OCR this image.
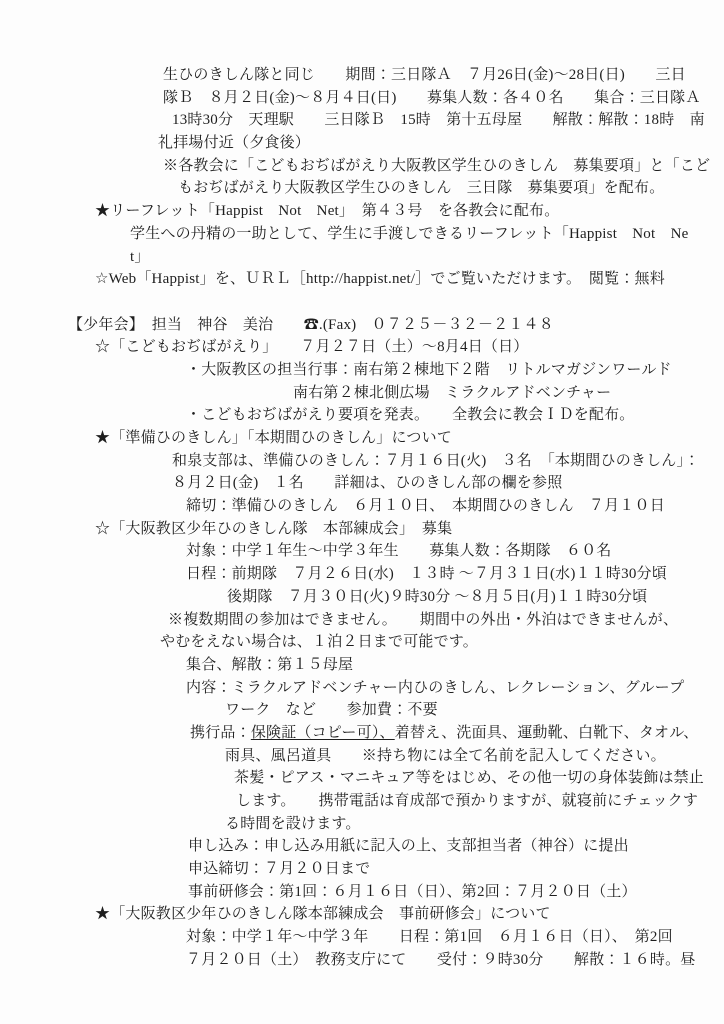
生ひのきしん隊と同じ　　期間：三日隊Ａ　７月26日(金)～28日(日)　　三日
隊Ｂ　８月２日(金)～８月４日(日)　　募集人数：各４０名　　集合：三日隊Ａ
13時30分　天理駅　　三日隊Ｂ　15時　第十五母屋　　解散：解散：18時　南
礼拝場付近（夕食後）
※各教会に「こどもおぢばがえり大阪教区学生ひのきしん　募集要項」と「こど
もおぢばがえり大阪教区学生ひのきしん　三日隊　募集要項」を配布。
★リーフレット「Happist　Not　Net」　第４３号　を各教会に配布。
学生への丹精の一助として、学生に手渡しできるリーフレット「Happist　Not　Ne
t」
☆Web「Happist」を、ＵＲＬ［http://happist.net/］でご覧いただけます。　閲覧：無料

【少年会】　担当　神谷　美治　　☎.(Fax)　０７２５－３２－２１４８
☆「こどもおぢばがえり」　　７月２７日（土）～8月4日（日）
・大阪教区の担当行事：南右第２棟地下２階　リトルマガジンワールド
南右第２棟北側広場　ミラクルアドベンチャー
・こどもおぢばがえり要項を発表。　　全教会に教会ＩＤを配布。
★「準備ひのきしん」「本期間ひのきしん」について
和泉支部は、準備ひのきしん：７月１６日(火)　３名　「本期間ひのきしん」：
８月２日(金)　１名　　詳細は、ひのきしん部の欄を参照
締切：準備ひのきしん　６月１０日、　本期間ひのきしん　７月１０日
☆「大阪教区少年ひのきしん隊　本部練成会」　募集
対象：中学１年生～中学３年生　　募集人数：各期隊　６０名
日程：前期隊　７月２６日(水)　１３時 ～７月３１日(水)１１時30分頃
後期隊　７月３０日(火)９時30分 ～８月５日(月)１１時30分頃
※複数期間の参加はできません。　　期間中の外出・外泊はできませんが、
やむをえない場合は、１泊２日まで可能です。
集合、解散：第１５母屋
内容：ミラクルアドベンチャー内ひのきしん、レクレーション、グループ
ワーク　など　　参加費：不要
携行品：保険証（コピー可）、着替え、洗面具、運動靴、白靴下、タオル、
雨具、風呂道具　　※持ち物には全て名前を記入してください。
茶髪・ピアス・マニキュア等をはじめ、その他一切の身体装飾は禁止
します。　　携帯電話は育成部で預かりますが、就寝前にチェックす
る時間を設けます。
申し込み：申し込み用紙に記入の上、支部担当者（神谷）に提出
申込締切：７月２０日まで
事前研修会：第1回：６月１６日（日）、第2回：７月２０日（土）
★「大阪教区少年ひのきしん隊本部練成会　事前研修会」について
対象：中学１年～中学３年　　日程：第1回　６月１６日（日）、　第2回
７月２０日（土）　教務支庁にて　　受付：９時30分　　解散：１６時。昼
